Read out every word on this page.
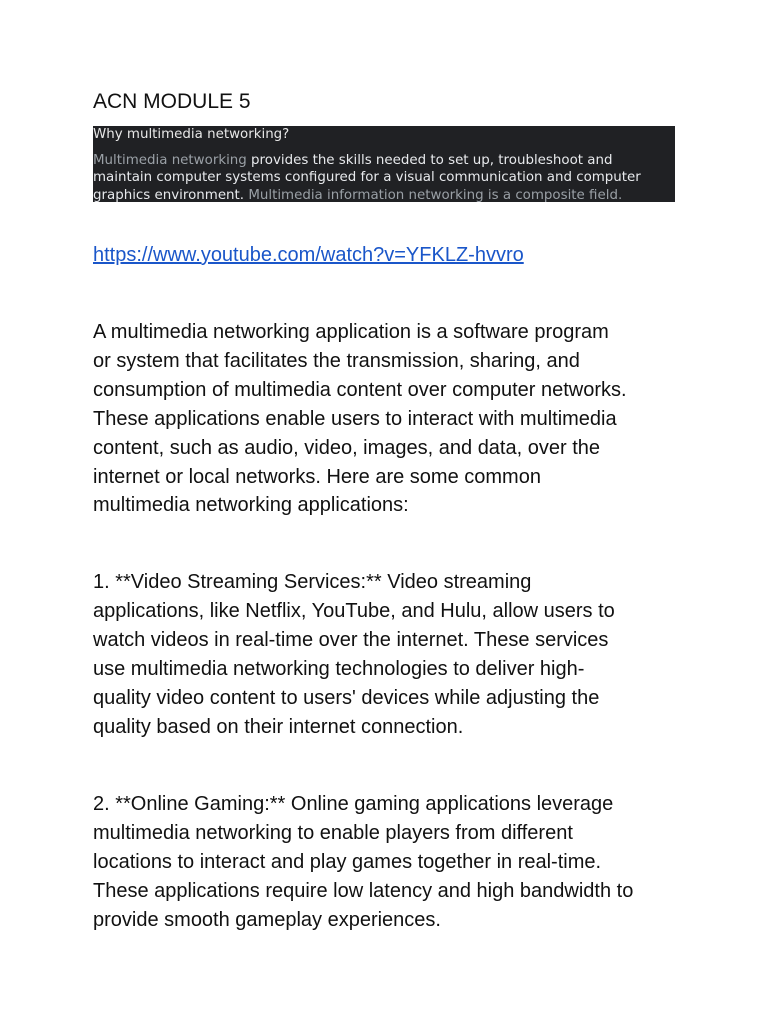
ACN MODULE 5
Why multimedia networking?
Multimedia networking provides the skills needed to set up, troubleshoot and
maintain computer systems configured for a visual communication and computer
graphics environment. Multimedia information networking is a composite field.
https://www.youtube.com/watch?v=YFKLZ-hvvro
A multimedia networking application is a software program
or system that facilitates the transmission, sharing, and
consumption of multimedia content over computer networks.
These applications enable users to interact with multimedia
content, such as audio, video, images, and data, over the
internet or local networks. Here are some common
multimedia networking applications:
1. **Video Streaming Services:** Video streaming
applications, like Netflix, YouTube, and Hulu, allow users to
watch videos in real-time over the internet. These services
use multimedia networking technologies to deliver high-
quality video content to users' devices while adjusting the
quality based on their internet connection.
2. **Online Gaming:** Online gaming applications leverage
multimedia networking to enable players from different
locations to interact and play games together in real-time.
These applications require low latency and high bandwidth to
provide smooth gameplay experiences.
